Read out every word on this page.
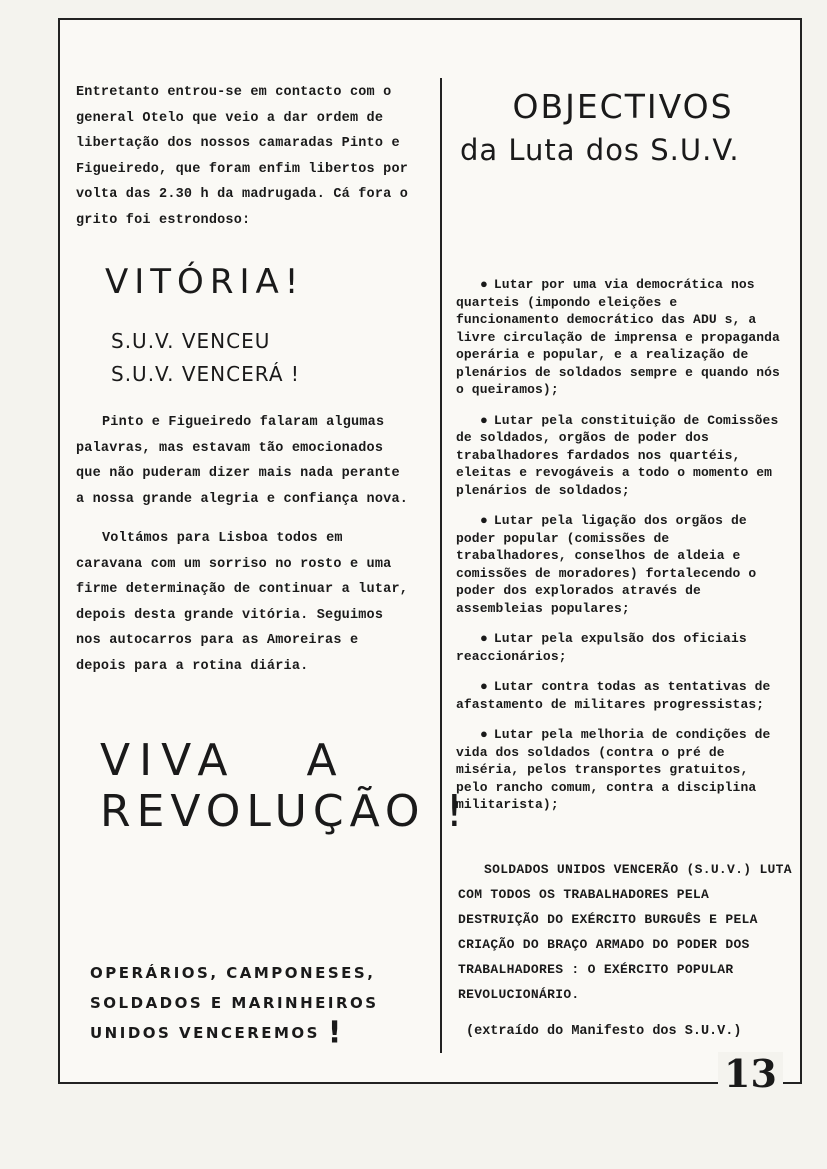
Entretanto entrou-se em contacto com o general Otelo que veio a dar ordem de libertação dos nossos camaradas Pinto e Figueiredo, que foram enfim libertos por volta das 2.30 h da madrugada. Cá fora o grito foi estrondoso:

VITÓRIA!

S.U.V. VENCEU
S.U.V. VENCERÁ !

Pinto e Figueiredo falaram algumas palavras, mas estavam tão emocionados que não puderam dizer mais nada perante a nossa grande alegria e confiança nova.

Voltámos para Lisboa todos em caravana com um sorriso no rosto e uma firme determinação de continuar a lutar, depois desta grande vitória. Seguimos nos autocarros para as Amoreiras e depois para a rotina diária.

VIVA A
REVOLUÇÃO !
OPERÁRIOS, CAMPONESES,
SOLDADOS E MARINHEIROS
UNIDOS VENCEREMOS !
OBJECTIVOS
da Luta dos S.U.V.

● Lutar por uma via democrática nos quarteis (impondo eleições e funcionamento democrático das ADU s, a livre circulação de imprensa e propaganda operária e popular, e a realização de plenários de soldados sempre e quando nós o queiramos);

● Lutar pela constituição de Comissões de soldados, orgãos de poder dos trabalhadores fardados nos quartéis, eleitas e revogáveis a todo o momento em plenários de soldados;

● Lutar pela ligação dos orgãos de poder popular (comissões de trabalhadores, conselhos de aldeia e comissões de moradores) fortalecendo o poder dos explorados através de assembleias populares;

● Lutar pela expulsão dos oficiais reaccionários;

● Lutar contra todas as tentativas de afastamento de militares progressistas;

● Lutar pela melhoria de condições de vida dos soldados (contra o pré de miséria, pelos transportes gratuitos, pelo rancho comum, contra a disciplina militarista);

SOLDADOS UNIDOS VENCERÃO (S.U.V.) LUTA COM TODOS OS TRABALHADORES PELA DESTRUIÇÃO DO EXÉRCITO BURGUÊS E PELA CRIAÇÃO DO BRAÇO ARMADO DO PODER DOS TRABALHADORES : O EXÉRCITO POPULAR REVOLUCIONÁRIO.

(extraído do Manifesto dos S.U.V.)

13
